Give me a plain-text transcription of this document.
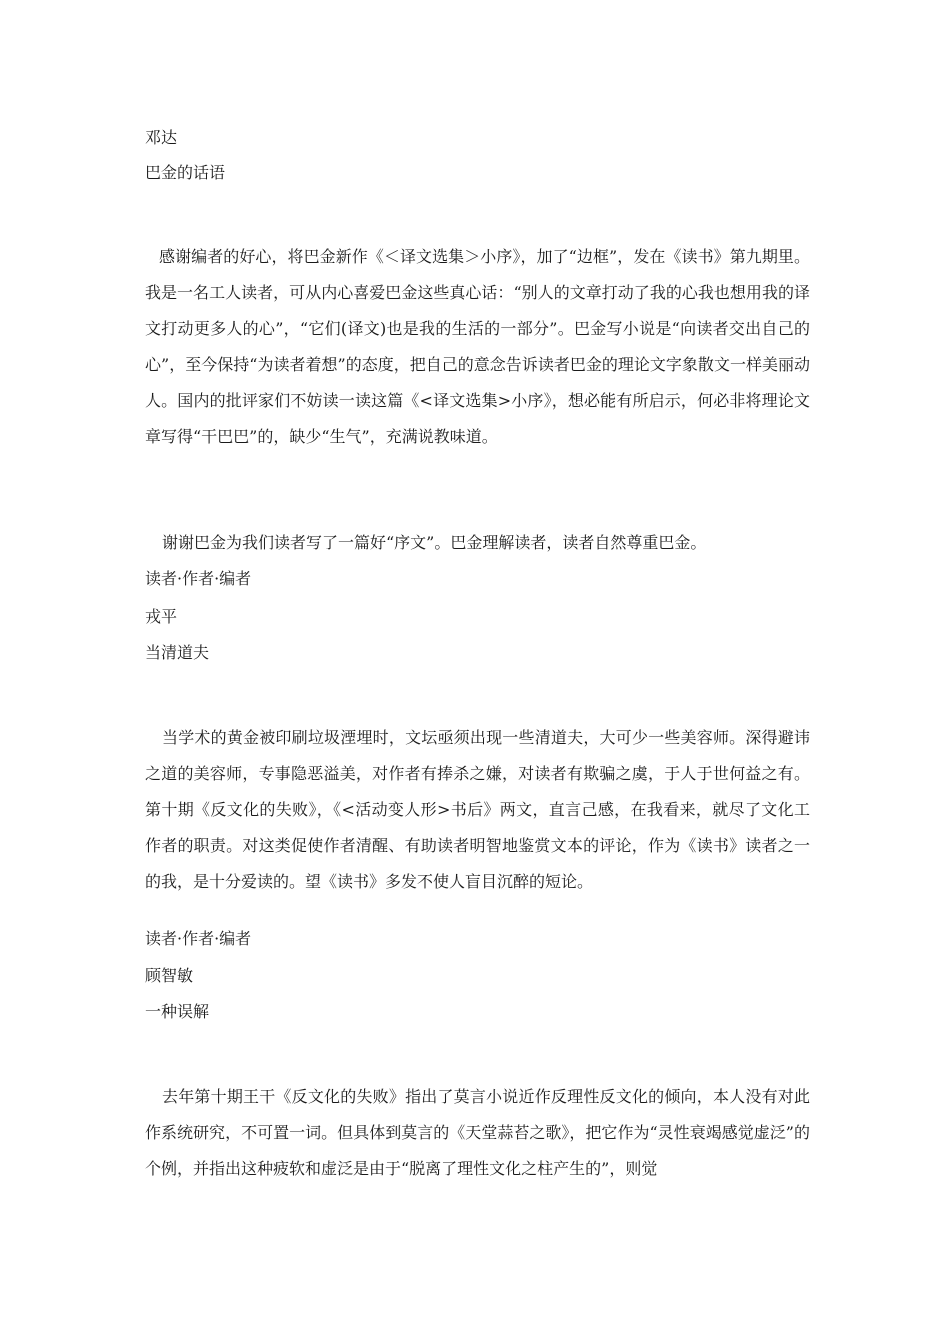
邓达
巴金的话语

感谢编者的好心，将巴金新作《＜译文选集＞小序》，加了“边框”，发在《读书》第九期里。我是一名工人读者，可从内心喜爱巴金这些真心话：“别人的文章打动了我的心我也想用我的译文打动更多人的心”，“它们(译文)也是我的生活的一部分”。巴金写小说是“向读者交出自己的心”，至今保持“为读者着想”的态度，把自己的意念告诉读者巴金的理论文字象散文一样美丽动人。国内的批评家们不妨读一读这篇《<译文选集>小序》，想必能有所启示，何必非将理论文章写得“干巴巴”的，缺少“生气”，充满说教味道。

谢谢巴金为我们读者写了一篇好“序文”。巴金理解读者，读者自然尊重巴金。
读者·作者·编者
戎平
当清道夫

当学术的黄金被印刷垃圾湮埋时，文坛亟须出现一些清道夫，大可少一些美容师。深得避讳之道的美容师，专事隐恶溢美，对作者有捧杀之嫌，对读者有欺骗之虞，于人于世何益之有。第十期《反文化的失败》，《<活动变人形>书后》两文，直言己感，在我看来，就尽了文化工作者的职责。对这类促使作者清醒、有助读者明智地鉴赏文本的评论，作为《读书》读者之一的我，是十分爱读的。望《读书》多发不使人盲目沉醉的短论。

读者·作者·编者
顾智敏
一种误解

去年第十期王干《反文化的失败》指出了莫言小说近作反理性反文化的倾向，本人没有对此作系统研究，不可置一词。但具体到莫言的《天堂蒜苔之歌》，把它作为“灵性衰竭感觉虚泛”的个例，并指出这种疲软和虚泛是由于“脱离了理性文化之柱产生的”，则觉
